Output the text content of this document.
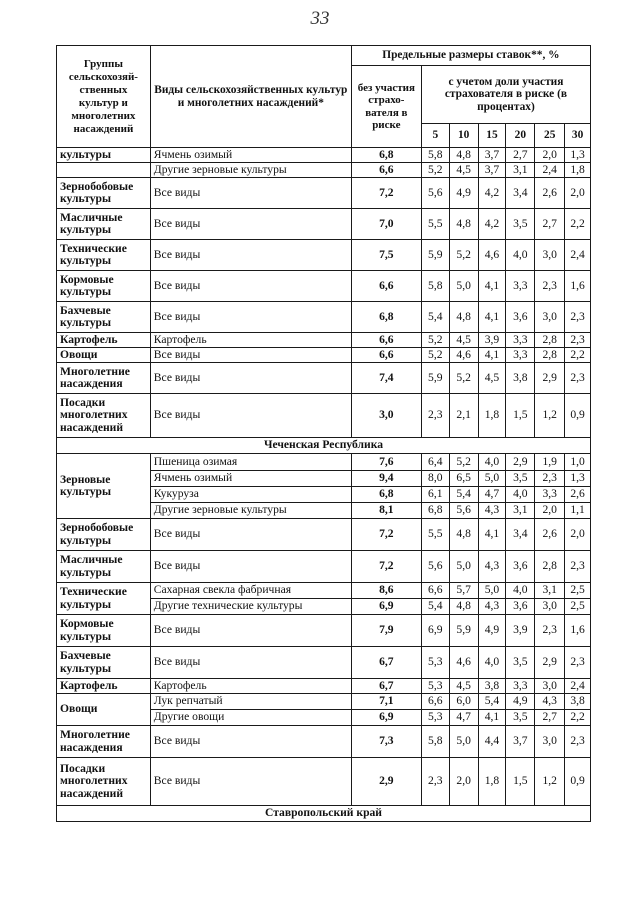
33
Группы сельскохозяй-ственных культур и многолетних насаждений	Виды сельскохозяйственных культур и многолетних насаждений*	Предельные размеры ставок**, %						
		без участия страхо-вателя в риске	с учетом доли участия страхователя в риске (в процентах)					
			5	10	15	20	25	30
культуры	Ячмень озимый	6,8	5,8	4,8	3,7	2,7	2,0	1,3
	Другие зерновые культуры	6,6	5,2	4,5	3,7	3,1	2,4	1,8
Зернобобовые культуры	Все виды	7,2	5,6	4,9	4,2	3,4	2,6	2,0
Масличные культуры	Все виды	7,0	5,5	4,8	4,2	3,5	2,7	2,2
Технические культуры	Все виды	7,5	5,9	5,2	4,6	4,0	3,0	2,4
Кормовые культуры	Все виды	6,6	5,8	5,0	4,1	3,3	2,3	1,6
Бахчевые культуры	Все виды	6,8	5,4	4,8	4,1	3,6	3,0	2,3
Картофель	Картофель	6,6	5,2	4,5	3,9	3,3	2,8	2,3
Овощи	Все виды	6,6	5,2	4,6	4,1	3,3	2,8	2,2
Многолетние насаждения	Все виды	7,4	5,9	5,2	4,5	3,8	2,9	2,3
Посадки многолетних насаждений	Все виды	3,0	2,3	2,1	1,8	1,5	1,2	0,9
Чеченская Республика								
Зерновые культуры	Пшеница озимая	7,6	6,4	5,2	4,0	2,9	1,9	1,0
	Ячмень озимый	9,4	8,0	6,5	5,0	3,5	2,3	1,3
	Кукуруза	6,8	6,1	5,4	4,7	4,0	3,3	2,6
	Другие зерновые культуры	8,1	6,8	5,6	4,3	3,1	2,0	1,1
Зернобобовые культуры	Все виды	7,2	5,5	4,8	4,1	3,4	2,6	2,0
Масличные культуры	Все виды	7,2	5,6	5,0	4,3	3,6	2,8	2,3
Технические культуры	Сахарная свекла фабричная	8,6	6,6	5,7	5,0	4,0	3,1	2,5
	Другие технические культуры	6,9	5,4	4,8	4,3	3,6	3,0	2,5
Кормовые культуры	Все виды	7,9	6,9	5,9	4,9	3,9	2,3	1,6
Бахчевые культуры	Все виды	6,7	5,3	4,6	4,0	3,5	2,9	2,3
Картофель	Картофель	6,7	5,3	4,5	3,8	3,3	3,0	2,4
Овощи	Лук репчатый	7,1	6,6	6,0	5,4	4,9	4,3	3,8
	Другие овощи	6,9	5,3	4,7	4,1	3,5	2,7	2,2
Многолетние насаждения	Все виды	7,3	5,8	5,0	4,4	3,7	3,0	2,3
Посадки многолетних насаждений	Все виды	2,9	2,3	2,0	1,8	1,5	1,2	0,9
Ставропольский край								
